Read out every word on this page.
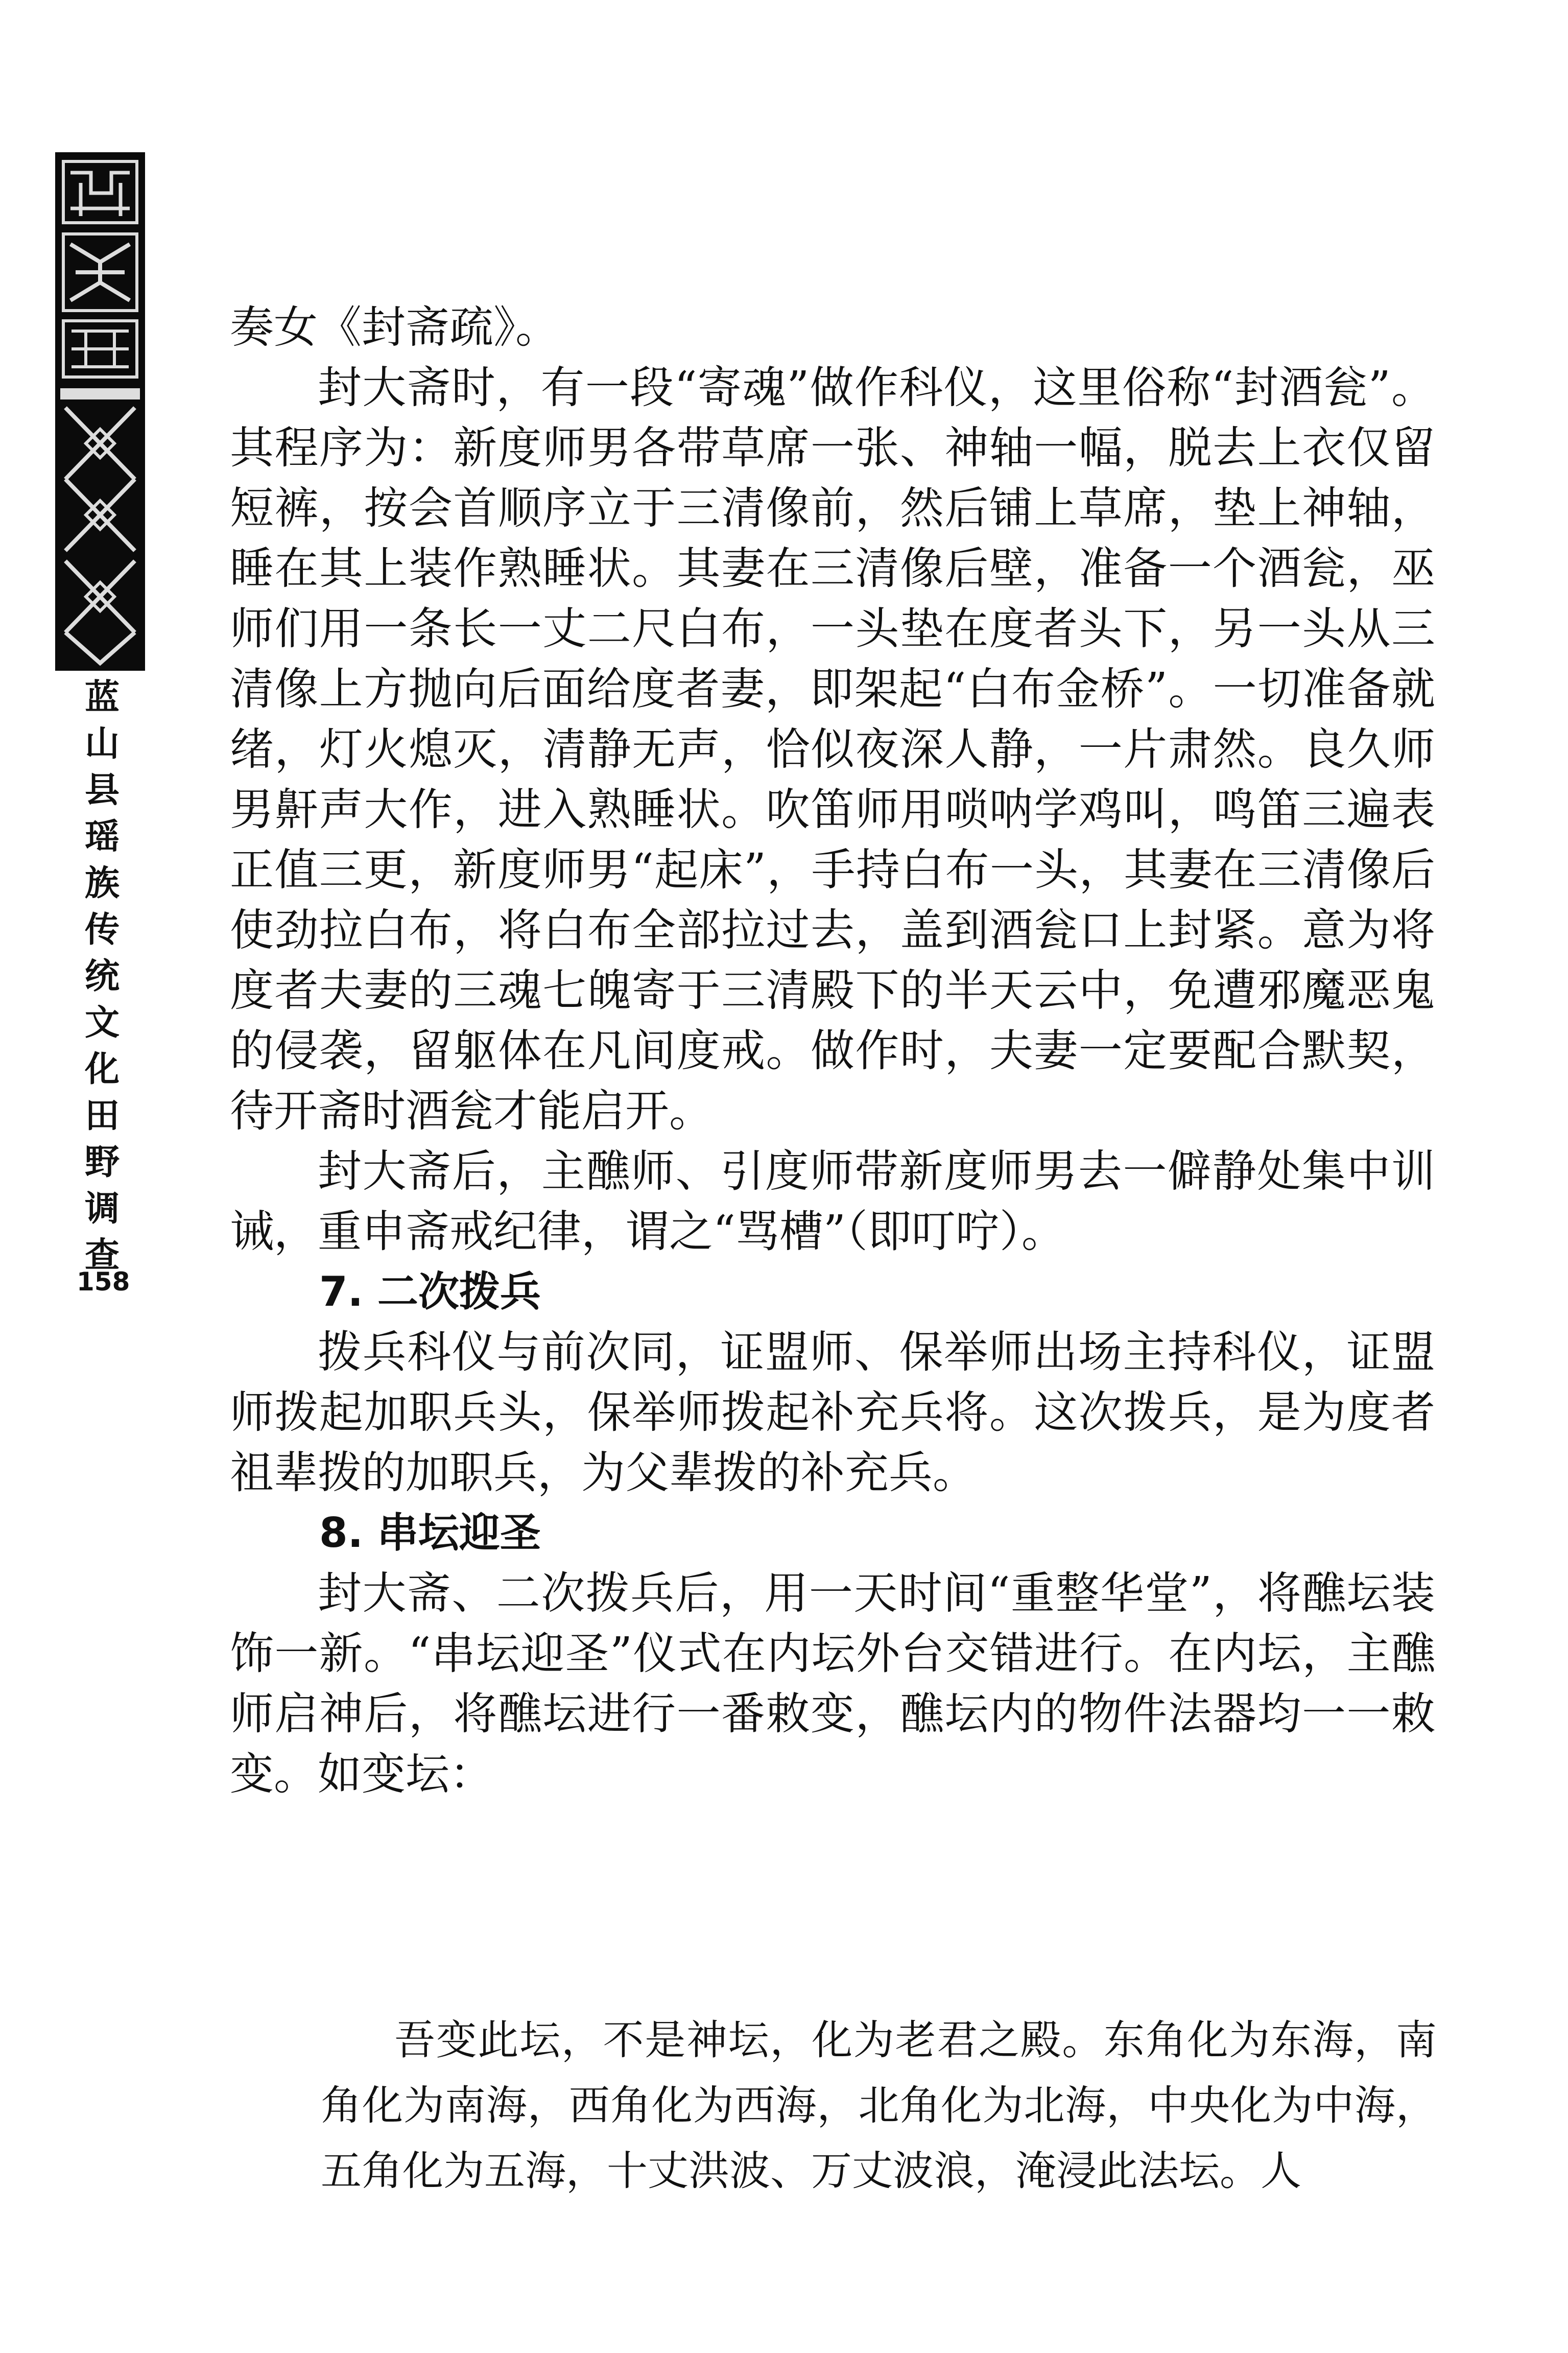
蓝
山
县
瑶
族
传
统
文
化
田
野
调
查
158

奏女《封斋疏》。

封大斋时，有一段“寄魂”做作科仪，这里俗称“封酒瓮”。其程序为：新度师男各带草席一张、神轴一幅，脱去上衣仅留短裤，按会首顺序立于三清像前，然后铺上草席，垫上神轴，睡在其上装作熟睡状。其妻在三清像后壁，准备一个酒瓮，巫师们用一条长一丈二尺白布，一头垫在度者头下，另一头从三清像上方抛向后面给度者妻，即架起“白布金桥”。一切准备就绪，灯火熄灭，清静无声，恰似夜深人静，一片肃然。良久师男鼾声大作，进入熟睡状。吹笛师用唢呐学鸡叫，鸣笛三遍表正值三更，新度师男“起床”，手持白布一头，其妻在三清像后使劲拉白布，将白布全部拉过去，盖到酒瓮口上封紧。意为将度者夫妻的三魂七魄寄于三清殿下的半天云中，免遭邪魔恶鬼的侵袭，留躯体在凡间度戒。做作时，夫妻一定要配合默契，待开斋时酒瓮才能启开。

封大斋后，主醮师、引度师带新度师男去一僻静处集中训诫，重申斋戒纪律，谓之“骂槽”（即叮咛）。

7. 二次拨兵

拨兵科仪与前次同，证盟师、保举师出场主持科仪，证盟师拨起加职兵头，保举师拨起补充兵将。这次拨兵，是为度者祖辈拨的加职兵，为父辈拨的补充兵。

8. 串坛迎圣

封大斋、二次拨兵后，用一天时间“重整华堂”，将醮坛装饰一新。“串坛迎圣”仪式在内坛外台交错进行。在内坛，主醮师启神后，将醮坛进行一番敕变，醮坛内的物件法器均一一敕变。如变坛：

吾变此坛，不是神坛，化为老君之殿。东角化为东海，南角化为南海，西角化为西海，北角化为北海，中央化为中海，五角化为五海，十丈洪波、万丈波浪，淹浸此法坛。人
